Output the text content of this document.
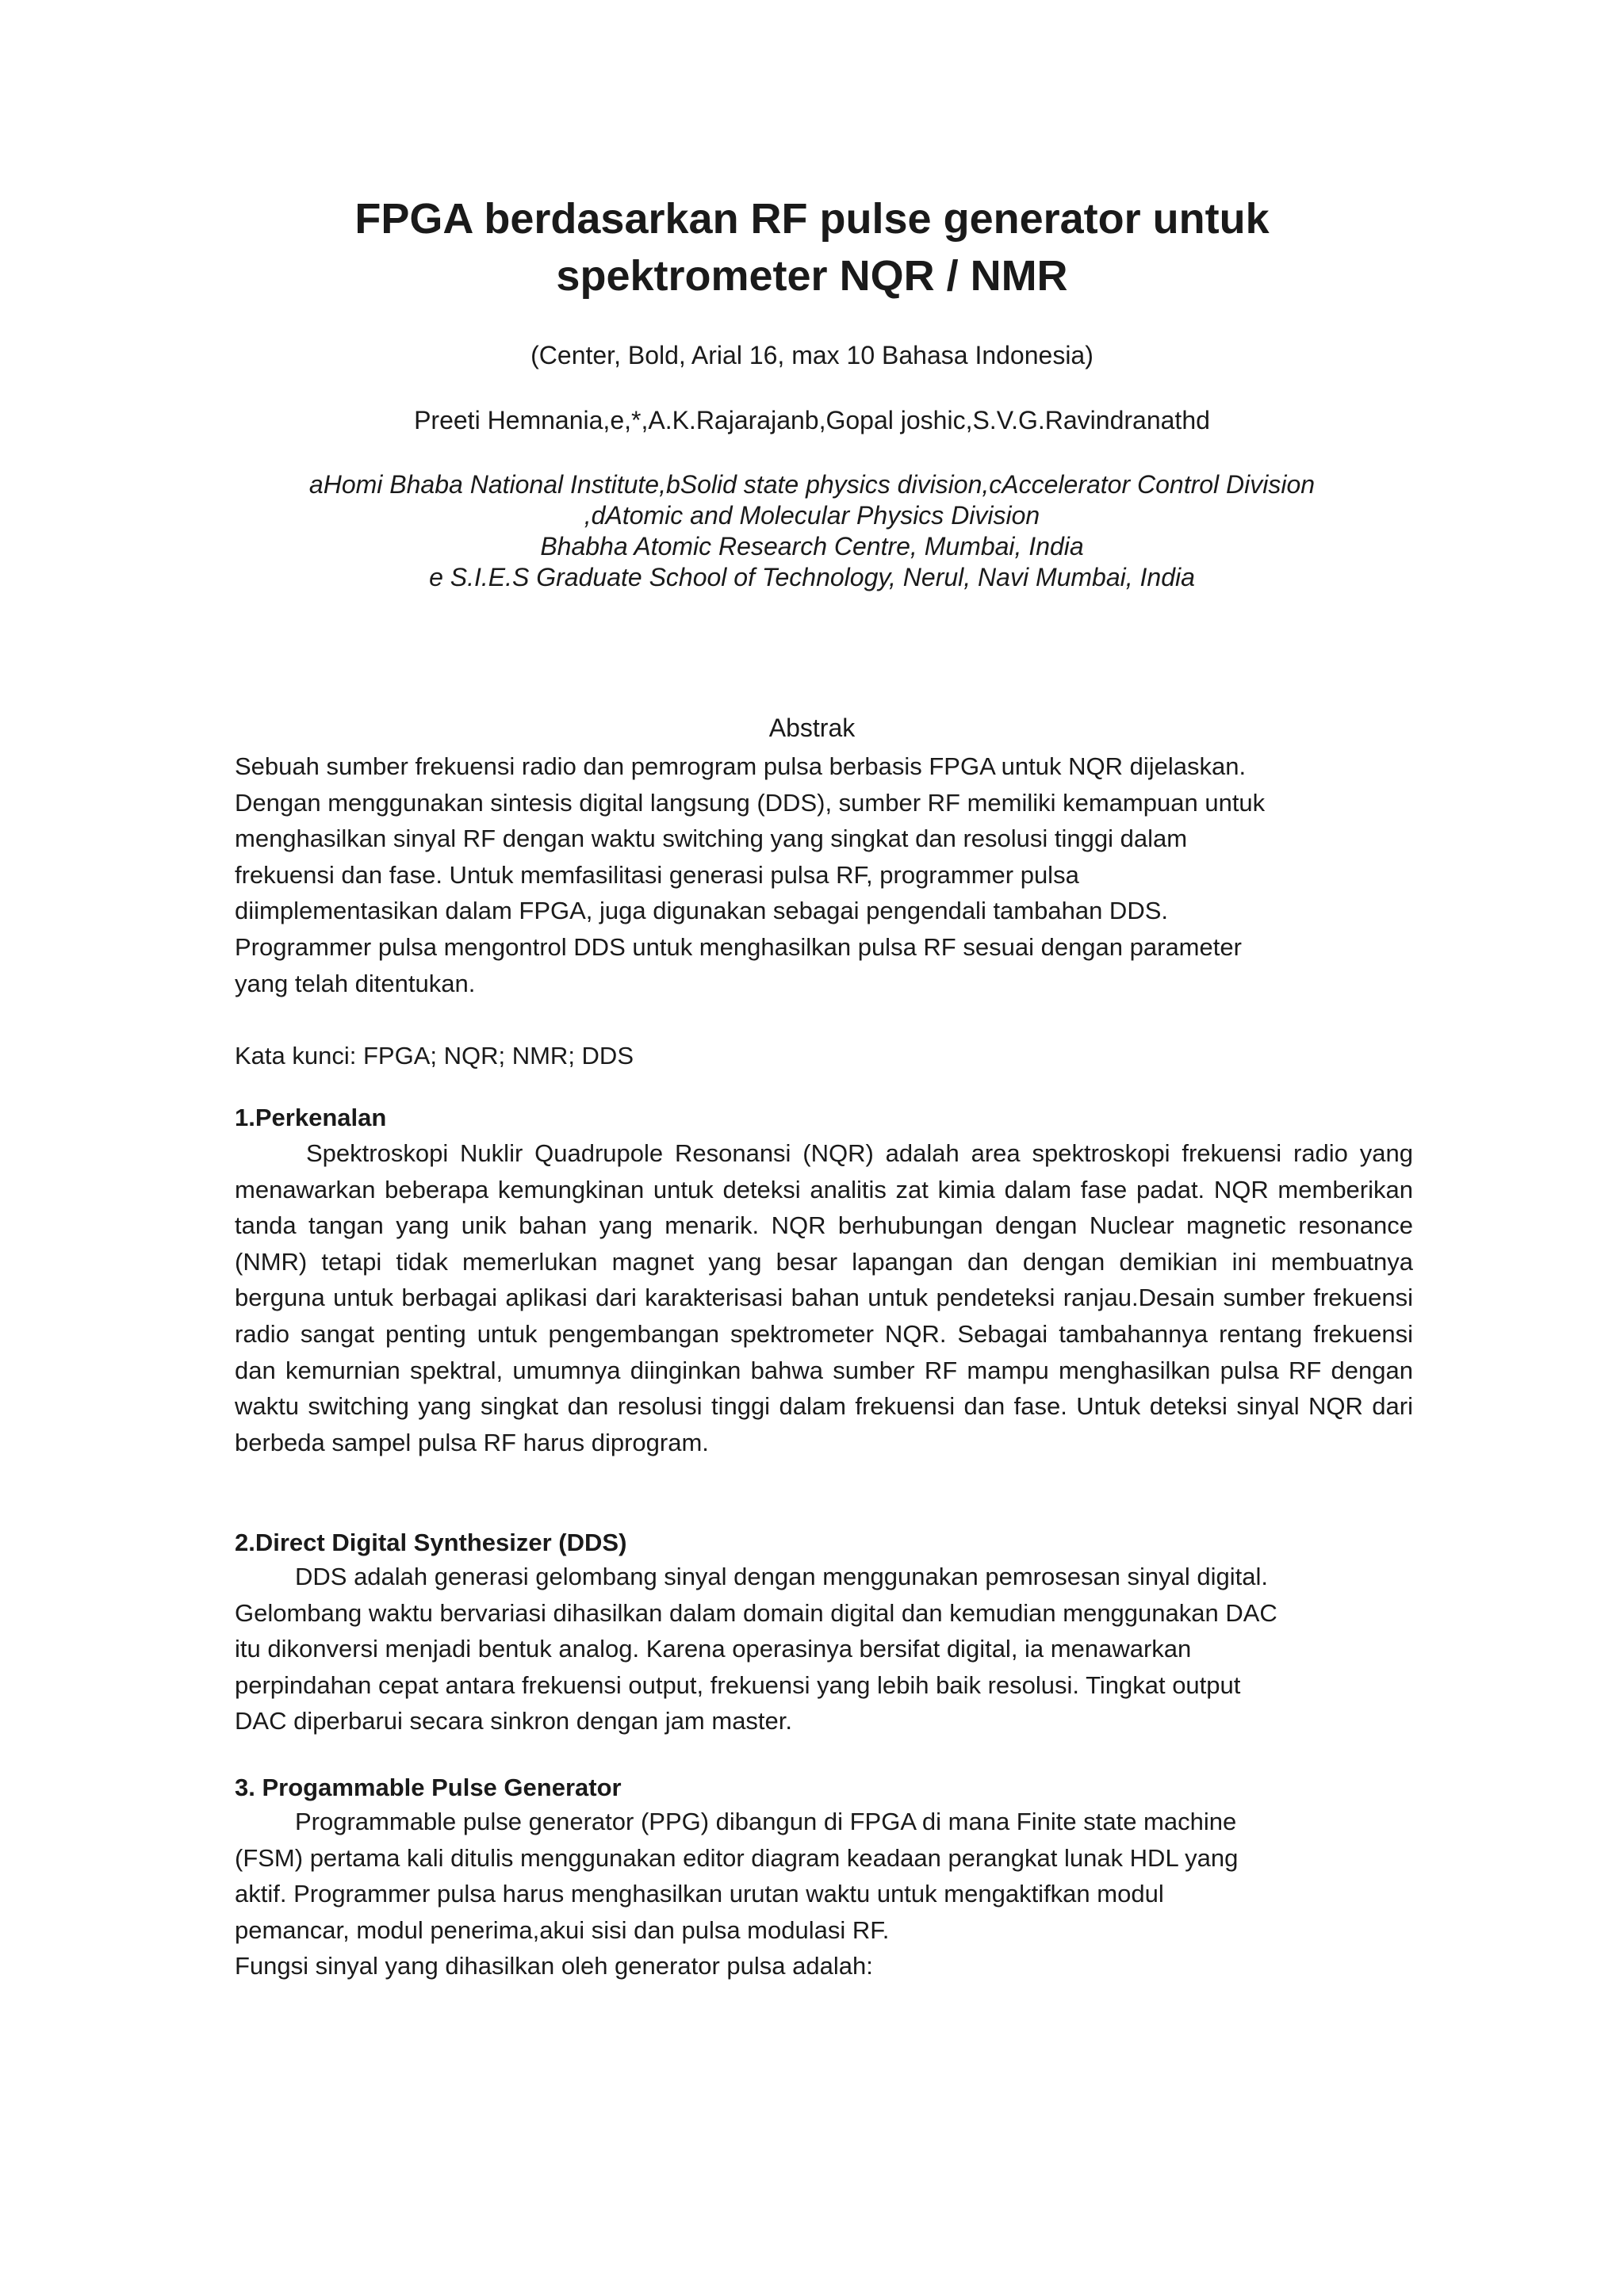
FPGA berdasarkan RF pulse generator untuk
spektrometer NQR / NMR

(Center, Bold, Arial 16, max 10 Bahasa Indonesia)

Preeti Hemnania,e,*,A.K.Rajarajanb,Gopal joshic,S.V.G.Ravindranathd

aHomi Bhaba National Institute,bSolid state physics division,cAccelerator Control Division
,dAtomic and Molecular Physics Division
Bhabha Atomic Research Centre, Mumbai, India
e S.I.E.S Graduate School of Technology, Nerul, Navi Mumbai, India

Abstrak

Sebuah sumber frekuensi radio dan pemrogram pulsa berbasis FPGA untuk NQR dijelaskan.

Dengan menggunakan sintesis digital langsung (DDS), sumber RF memiliki kemampuan untuk

menghasilkan sinyal RF dengan waktu switching yang singkat dan resolusi tinggi dalam

frekuensi dan fase. Untuk memfasilitasi generasi pulsa RF, programmer pulsa

diimplementasikan dalam FPGA, juga digunakan sebagai pengendali tambahan DDS.

Programmer pulsa mengontrol DDS untuk menghasilkan pulsa RF sesuai dengan parameter

yang telah ditentukan.

Kata kunci: FPGA; NQR; NMR; DDS

1.Perkenalan

Spektroskopi Nuklir Quadrupole Resonansi (NQR) adalah area spektroskopi frekuensi radio yang menawarkan beberapa kemungkinan untuk deteksi analitis zat kimia dalam fase padat. NQR memberikan tanda tangan yang unik bahan yang menarik. NQR berhubungan dengan Nuclear magnetic resonance (NMR) tetapi tidak memerlukan magnet yang besar lapangan dan dengan demikian ini membuatnya berguna untuk berbagai aplikasi dari karakterisasi bahan untuk pendeteksi ranjau.Desain sumber frekuensi radio sangat penting untuk pengembangan spektrometer NQR. Sebagai tambahannya rentang frekuensi dan kemurnian spektral, umumnya diinginkan bahwa sumber RF mampu menghasilkan pulsa RF dengan waktu switching yang singkat dan resolusi tinggi dalam frekuensi dan fase. Untuk deteksi sinyal NQR dari berbeda sampel pulsa RF harus diprogram.

2.Direct Digital Synthesizer (DDS)

DDS adalah generasi gelombang sinyal dengan menggunakan pemrosesan sinyal digital.

Gelombang waktu bervariasi dihasilkan dalam domain digital dan kemudian menggunakan DAC

itu dikonversi menjadi bentuk analog. Karena operasinya bersifat digital, ia menawarkan

perpindahan cepat antara frekuensi output, frekuensi yang lebih baik resolusi. Tingkat output

DAC diperbarui secara sinkron dengan jam master.

3. Progammable Pulse Generator

Programmable pulse generator (PPG) dibangun di FPGA di mana Finite state machine

(FSM) pertama kali ditulis menggunakan editor diagram keadaan perangkat lunak HDL yang

aktif. Programmer pulsa harus menghasilkan urutan waktu untuk mengaktifkan modul

pemancar, modul penerima,akui sisi dan pulsa modulasi RF.

Fungsi sinyal yang dihasilkan oleh generator pulsa adalah:
